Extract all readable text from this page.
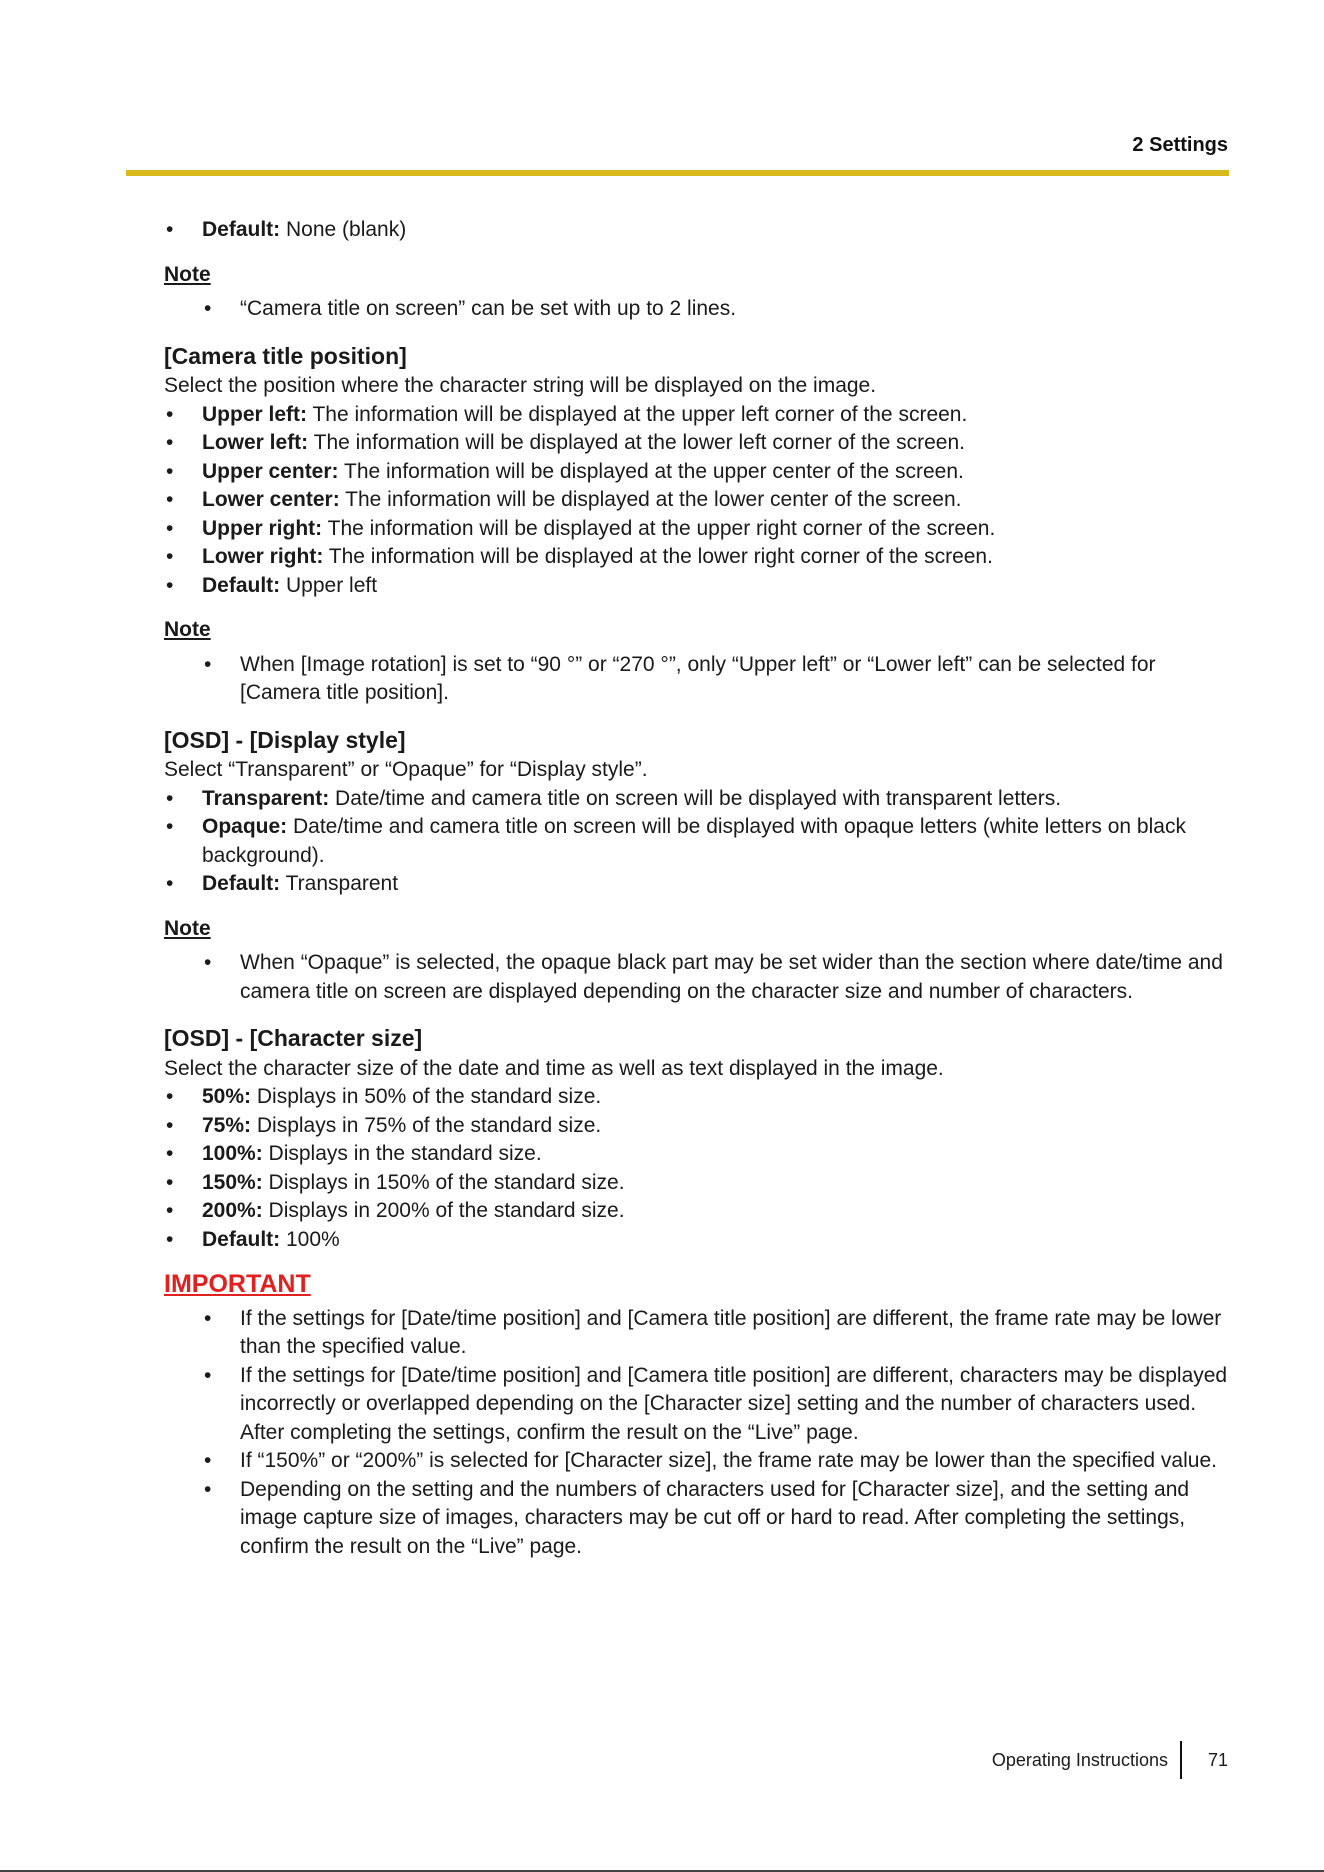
2 Settings
• Default: None (blank)
Note
• “Camera title on screen” can be set with up to 2 lines.
[Camera title position]

Select the position where the character string will be displayed on the image.

• Upper left: The information will be displayed at the upper left corner of the screen.
• Lower left: The information will be displayed at the lower left corner of the screen.
• Upper center: The information will be displayed at the upper center of the screen.
• Lower center: The information will be displayed at the lower center of the screen.
• Upper right: The information will be displayed at the upper right corner of the screen.
• Lower right: The information will be displayed at the lower right corner of the screen.
• Default: Upper left
Note
• When [Image rotation] is set to “90 °” or “270 °”, only “Upper left” or “Lower left” can be selected for [Camera title position].
[OSD] - [Display style]

Select “Transparent” or “Opaque” for “Display style”.

• Transparent: Date/time and camera title on screen will be displayed with transparent letters.
• Opaque: Date/time and camera title on screen will be displayed with opaque letters (white letters on black background).
• Default: Transparent
Note
• When “Opaque” is selected, the opaque black part may be set wider than the section where date/time and camera title on screen are displayed depending on the character size and number of characters.
[OSD] - [Character size]

Select the character size of the date and time as well as text displayed in the image.

• 50%: Displays in 50% of the standard size.
• 75%: Displays in 75% of the standard size.
• 100%: Displays in the standard size.
• 150%: Displays in 150% of the standard size.
• 200%: Displays in 200% of the standard size.
• Default: 100%
IMPORTANT
• If the settings for [Date/time position] and [Camera title position] are different, the frame rate may be lower than the specified value.
• If the settings for [Date/time position] and [Camera title position] are different, characters may be displayed incorrectly or overlapped depending on the [Character size] setting and the number of characters used. After completing the settings, confirm the result on the “Live” page.
• If “150%” or “200%” is selected for [Character size], the frame rate may be lower than the specified value.
• Depending on the setting and the numbers of characters used for [Character size], and the setting and image capture size of images, characters may be cut off or hard to read. After completing the settings, confirm the result on the “Live” page.
Operating Instructions 71
